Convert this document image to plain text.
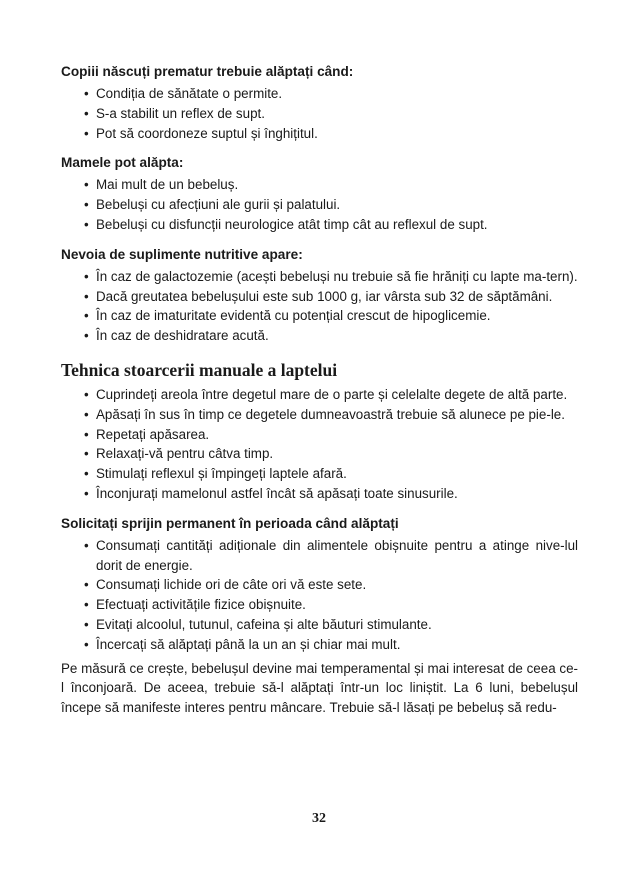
Copiii născuți prematur trebuie alăptați când:
• Condiția de sănătate o permite.
• S-a stabilit un reflex de supt.
• Pot să coordoneze suptul și înghițitul.
Mamele pot alăpta:
• Mai mult de un bebeluș.
• Bebeluși cu afecțiuni ale gurii și palatului.
• Bebeluși cu disfuncții neurologice atât timp cât au reflexul de supt.
Nevoia de suplimente nutritive apare:
• În caz de galactozemie (acești bebeluși nu trebuie să fie hrăniți cu lapte ma-tern).
• Dacă greutatea bebelușului este sub 1000 g, iar vârsta sub 32 de săptămâni.
• În caz de imaturitate evidentă cu potențial crescut de hipoglicemie.
• În caz de deshidratare acută.
Tehnica stoarcerii manuale a laptelui
• Cuprindeți areola între degetul mare de o parte și celelalte degete de altă parte.
• Apăsați în sus în timp ce degetele dumneavoastră trebuie să alunece pe pie-le.
• Repetați apăsarea.
• Relaxați-vă pentru câtva timp.
• Stimulați reflexul și împingeți laptele afară.
• Înconjurați mamelonul astfel încât să apăsați toate sinusurile.
Solicitați sprijin permanent în perioada când alăptați
• Consumați cantități adiționale din alimentele obișnuite pentru a atinge nive-lul dorit de energie.
• Consumați lichide ori de câte ori vă este sete.
• Efectuați activitățile fizice obișnuite.
• Evitați alcoolul, tutunul, cafeina și alte băuturi stimulante.
• Încercați să alăptați până la un an și chiar mai mult.

Pe măsură ce crește, bebelușul devine mai temperamental și mai interesat de ceea ce-l înconjoară. De aceea, trebuie să-l alăptați într-un loc liniștit. La 6 luni, bebelușul începe să manifeste interes pentru mâncare. Trebuie să-l lăsați pe bebeluș să redu-

32
